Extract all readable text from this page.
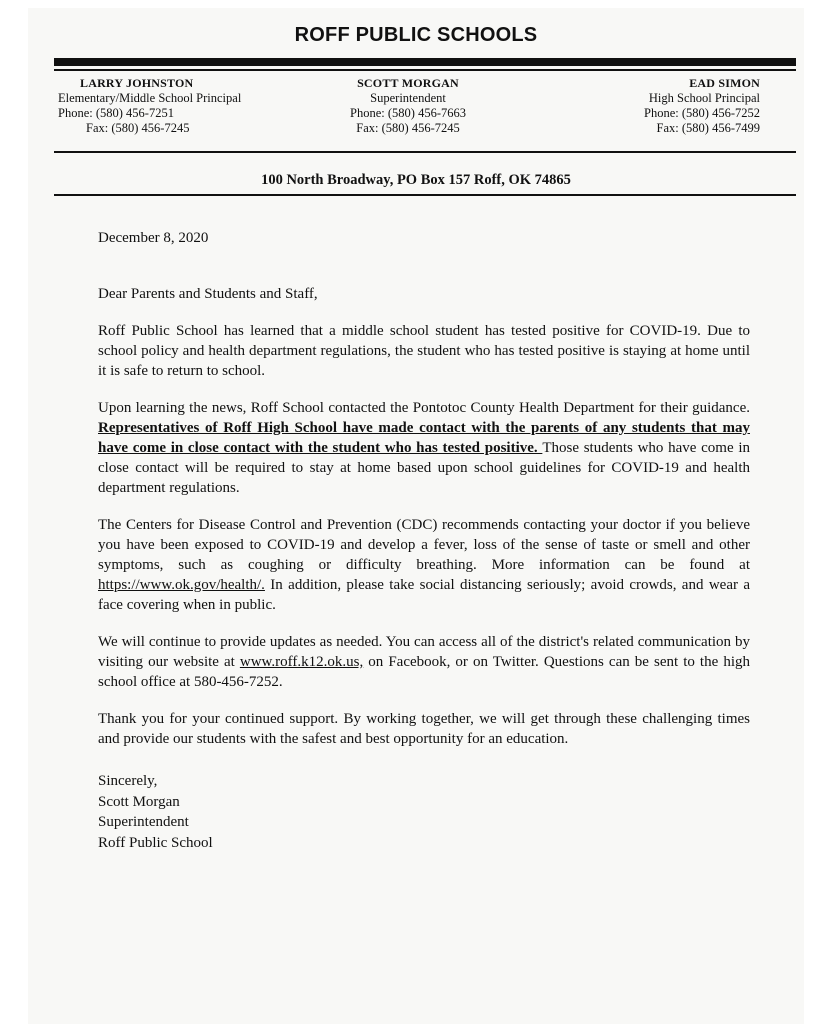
ROFF PUBLIC SCHOOLS
LARRY JOHNSTON
Elementary/Middle School Principal
Phone: (580) 456-7251
Fax: (580) 456-7245
SCOTT MORGAN
Superintendent
Phone: (580) 456-7663
Fax: (580) 456-7245
EAD SIMON
High School Principal
Phone: (580) 456-7252
Fax: (580) 456-7499
100 North Broadway, PO Box 157 Roff, OK 74865

December 8, 2020

Dear Parents and Students and Staff,

Roff Public School has learned that a middle school student has tested positive for COVID-19. Due to school policy and health department regulations, the student who has tested positive is staying at home until it is safe to return to school.

Upon learning the news, Roff School contacted the Pontotoc County Health Department for their guidance. Representatives of Roff High School have made contact with the parents of any students that may have come in close contact with the student who has tested positive. Those students who have come in close contact will be required to stay at home based upon school guidelines for COVID-19 and health department regulations.

The Centers for Disease Control and Prevention (CDC) recommends contacting your doctor if you believe you have been exposed to COVID-19 and develop a fever, loss of the sense of taste or smell and other symptoms, such as coughing or difficulty breathing. More information can be found at https://www.ok.gov/health/. In addition, please take social distancing seriously; avoid crowds, and wear a face covering when in public.

We will continue to provide updates as needed. You can access all of the district's related communication by visiting our website at www.roff.k12.ok.us, on Facebook, or on Twitter. Questions can be sent to the high school office at 580-456-7252.

Thank you for your continued support. By working together, we will get through these challenging times and provide our students with the safest and best opportunity for an education.

Sincerely,
Scott Morgan
Superintendent
Roff Public School
